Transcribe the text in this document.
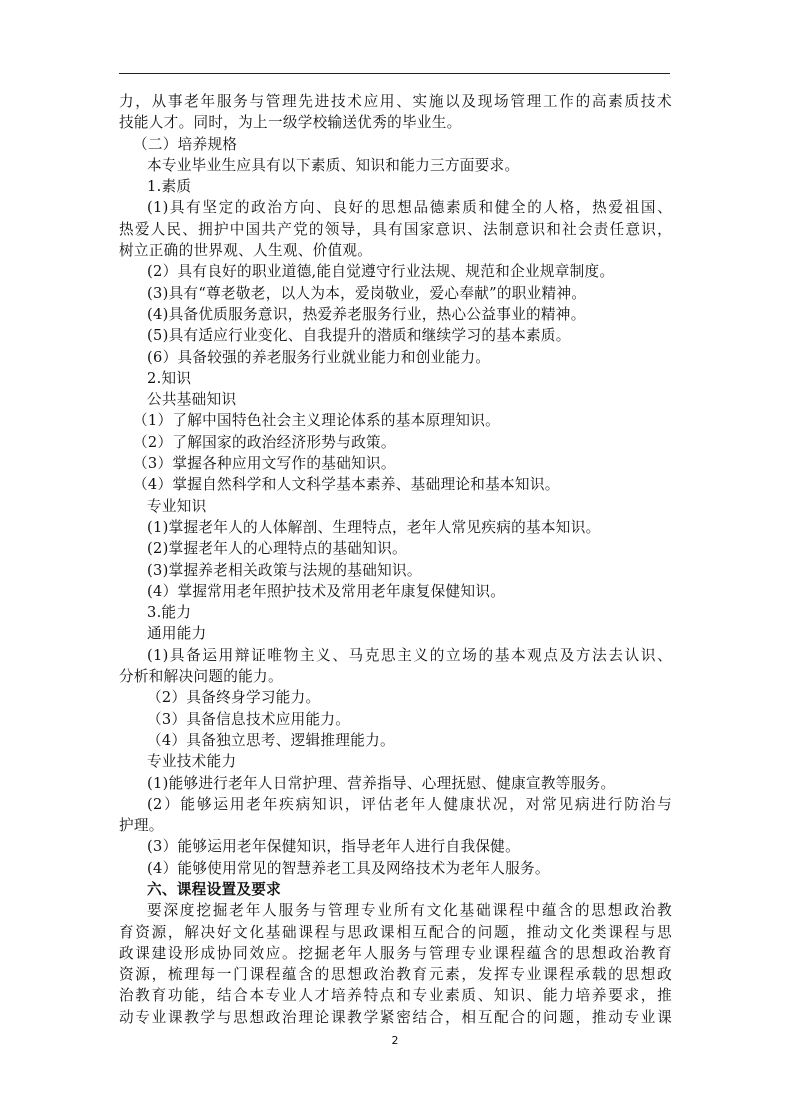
力，从事老年服务与管理先进技术应用、实施以及现场管理工作的高素质技术
技能人才。同时，为上一级学校输送优秀的毕业生。
（二）培养规格
本专业毕业生应具有以下素质、知识和能力三方面要求。
1.素质
(1)具有坚定的政治方向、良好的思想品德素质和健全的人格，热爱祖国、
热爱人民、拥护中国共产党的领导，具有国家意识、法制意识和社会责任意识，
树立正确的世界观、人生观、价值观。
(2）具有良好的职业道德,能自觉遵守行业法规、规范和企业规章制度。
(3)具有“尊老敬老，以人为本，爱岗敬业，爱心奉献”的职业精神。
(4)具备优质服务意识，热爱养老服务行业，热心公益事业的精神。
(5)具有适应行业变化、自我提升的潜质和继续学习的基本素质。
(6）具备较强的养老服务行业就业能力和创业能力。
2.知识
公共基础知识
（1）了解中国特色社会主义理论体系的基本原理知识。
（2）了解国家的政治经济形势与政策。
（3）掌握各种应用文写作的基础知识。
（4）掌握自然科学和人文科学基本素养、基础理论和基本知识。
专业知识
(1)掌握老年人的人体解剖、生理特点，老年人常见疾病的基本知识。
(2)掌握老年人的心理特点的基础知识。
(3)掌握养老相关政策与法规的基础知识。
(4）掌握常用老年照护技术及常用老年康复保健知识。
3.能力
通用能力
(1)具备运用辩证唯物主义、马克思主义的立场的基本观点及方法去认识、
分析和解决问题的能力。
（2）具备终身学习能力。
（3）具备信息技术应用能力。
（4）具备独立思考、逻辑推理能力。
专业技术能力
(1)能够进行老年人日常护理、营养指导、心理抚慰、健康宣教等服务。
(2）能够运用老年疾病知识，评估老年人健康状况，对常见病进行防治与
护理。
(3）能够运用老年保健知识，指导老年人进行自我保健。
(4）能够使用常见的智慧养老工具及网络技术为老年人服务。
六、课程设置及要求
要深度挖掘老年人服务与管理专业所有文化基础课程中蕴含的思想政治教
育资源，解决好文化基础课程与思政课相互配合的问题，推动文化类课程与思
政课建设形成协同效应。挖掘老年人服务与管理专业课程蕴含的思想政治教育
资源，梳理每一门课程蕴含的思想政治教育元素，发挥专业课程承载的思想政
治教育功能，结合本专业人才培养特点和专业素质、知识、能力培养要求，推
动专业课教学与思想政治理论课教学紧密结合，相互配合的问题，推动专业课
2
